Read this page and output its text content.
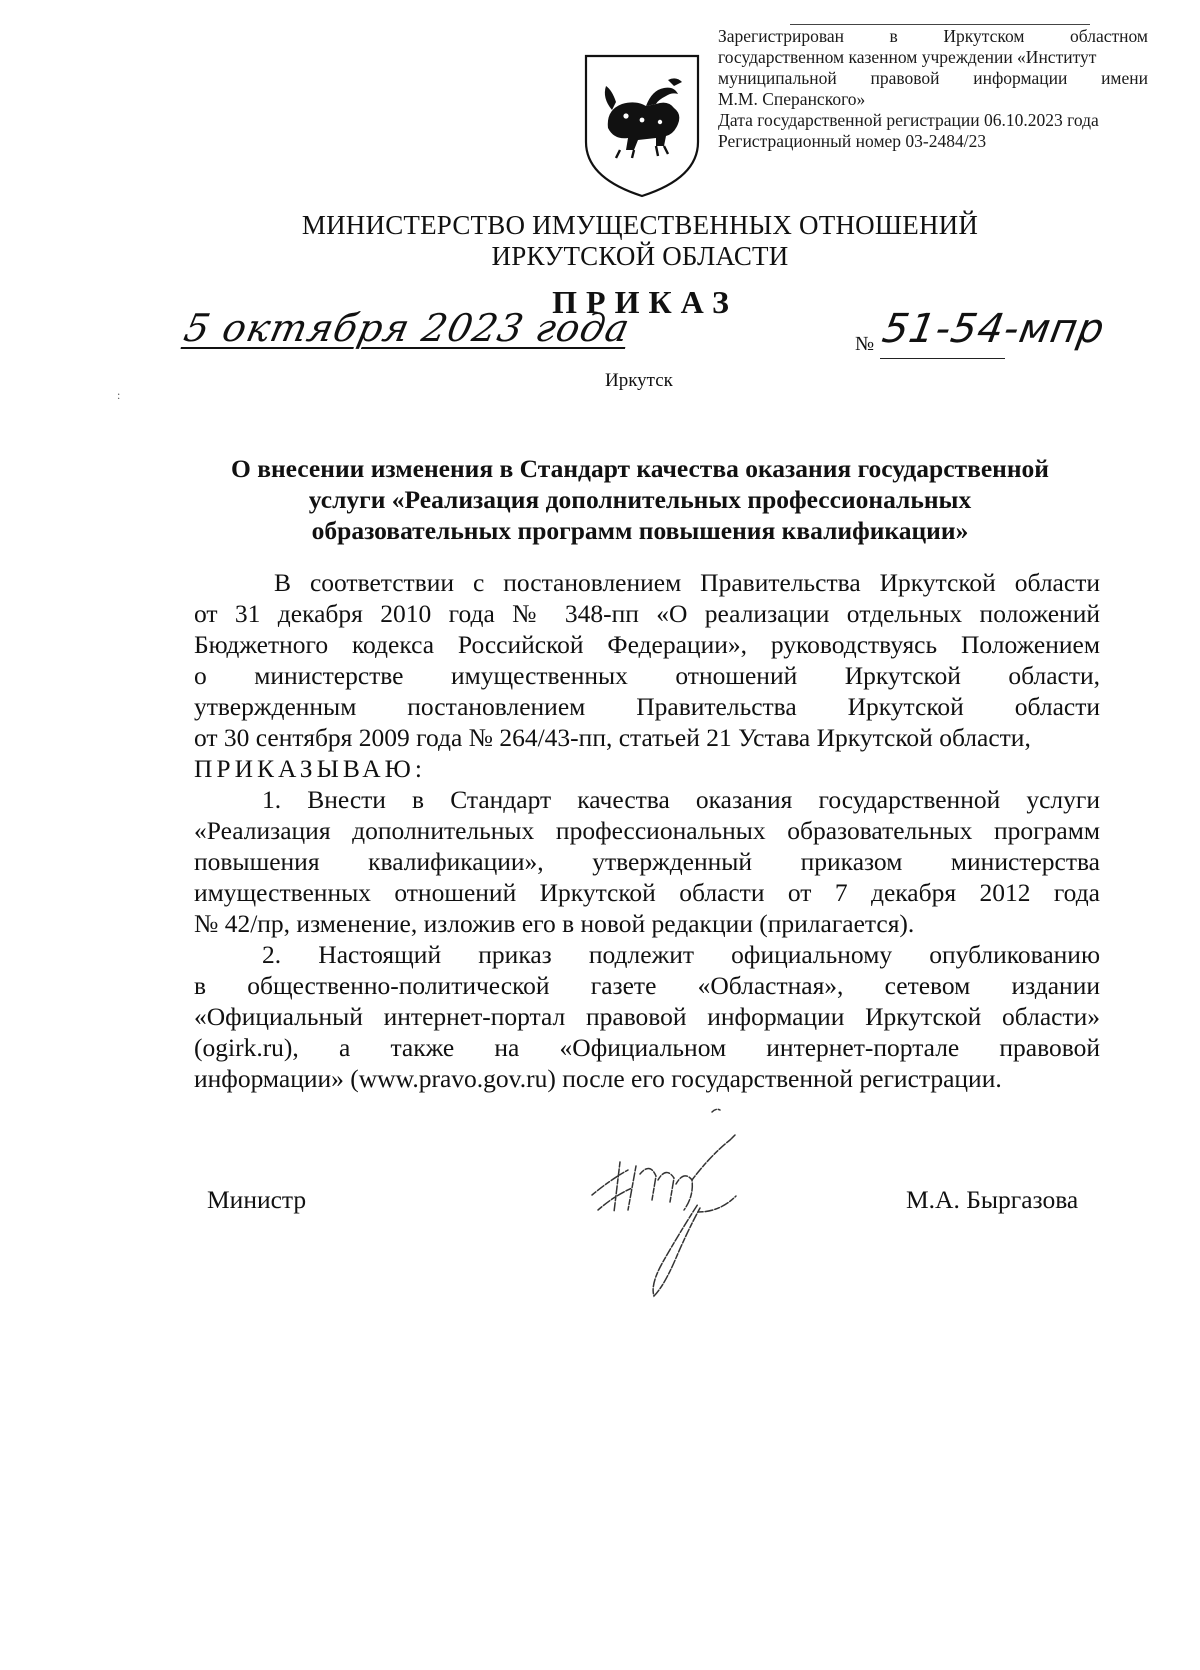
Зарегистрирован	в	Иркутском	областном
государственном казенном учреждении «Институт
муниципальной правовой информации имени
М.М. Сперанского»
Дата государственной регистрации 06.10.2023 года
Регистрационный номер 03-2484/23
МИНИСТЕРСТВО ИМУЩЕСТВЕННЫХ ОТНОШЕНИЙ
ИРКУТСКОЙ ОБЛАСТИ
ПРИКАЗ
5 октября 2023 года	№ 51-54-мпр
Иркутск
:
О внесении изменения в Стандарт качества оказания государственной
услуги «Реализация дополнительных профессиональных
образовательных программ повышения квалификации»
В соответствии с постановлением Правительства Иркутской области
от 31 декабря 2010 года № 348-пп «О реализации отдельных положений
Бюджетного кодекса Российской Федерации», руководствуясь Положением
о министерстве имущественных отношений Иркутской области,
утвержденным постановлением Правительства Иркутской области
от 30 сентября 2009 года № 264/43-пп, статьей 21 Устава Иркутской области,
ПРИКАЗЫВАЮ:
1. Внести в Стандарт качества оказания государственной услуги
«Реализация дополнительных профессиональных образовательных программ
повышения квалификации», утвержденный приказом министерства
имущественных отношений Иркутской области от 7 декабря 2012 года
№ 42/пр, изменение, изложив его в новой редакции (прилагается).
2. Настоящий приказ подлежит официальному опубликованию
в общественно-политической газете «Областная», сетевом издании
«Официальный интернет-портал правовой информации Иркутской области»
(ogirk.ru), а также на «Официальном интернет-портале правовой
информации» (www.pravo.gov.ru) после его государственной регистрации.
Министр	М.А. Быргазова
